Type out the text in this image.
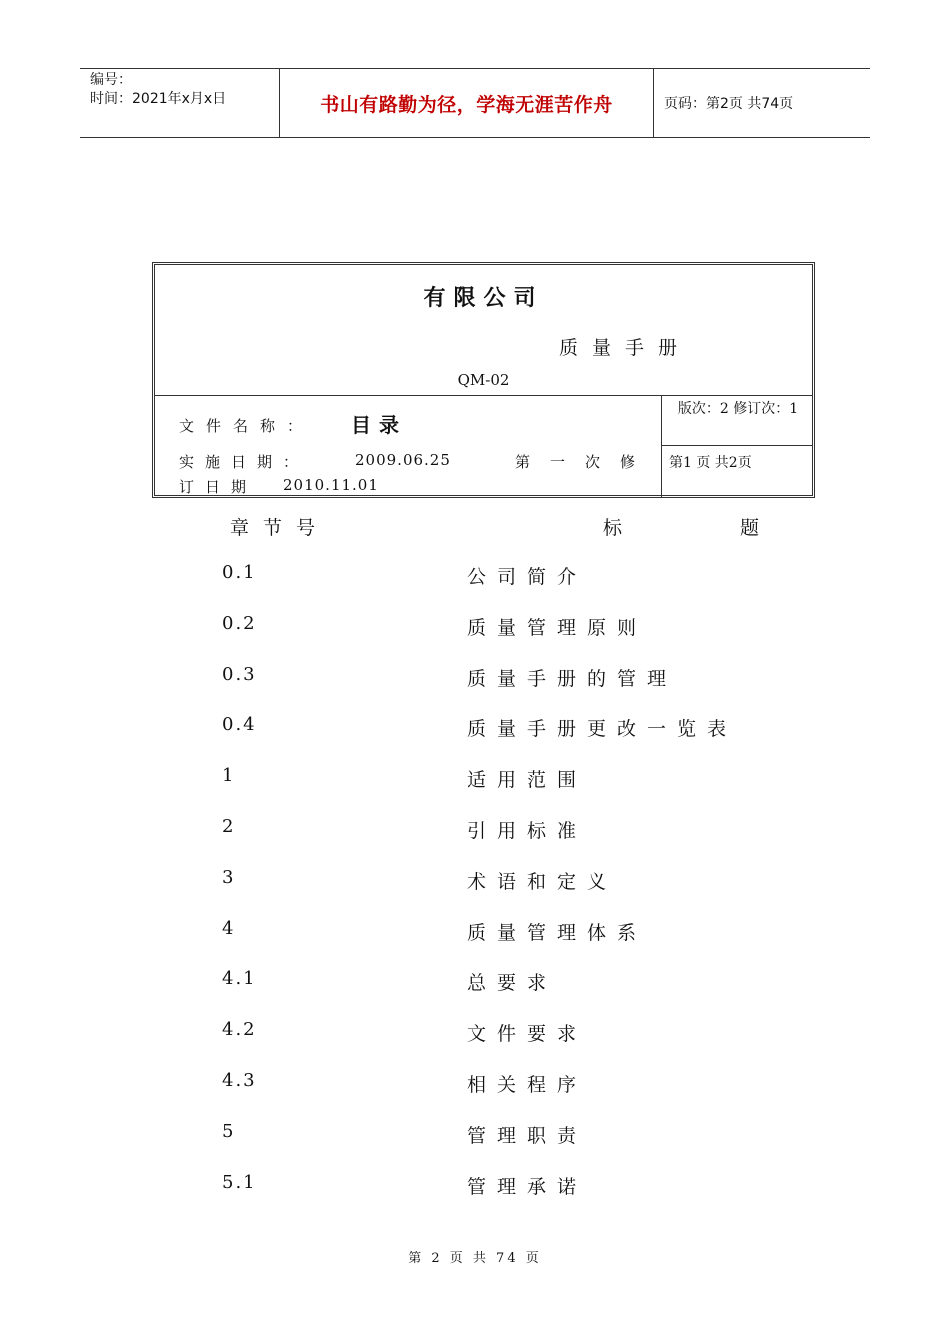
编号：
时间：2021年x月x日	书山有路勤为径，学海无涯苦作舟	页码：第2页 共74页
有限公司
质量手册
QM-02
文件名称： 目录
实施日期：	2009.06.25	第一次修
订日期 2010.11.01
版次：2 修订次：1
第1 页 共2页
章节号	标	题
0.1	公司简介
0.2	质量管理原则
0.3	质量手册的管理
0.4	质量手册更改一览表
1	适用范围
2	引用标准
3	术语和定义
4	质量管理体系
4.1	总要求
4.2	文件要求
4.3	相关程序
5	管理职责
5.1	管理承诺
第 2 页 共 74 页
